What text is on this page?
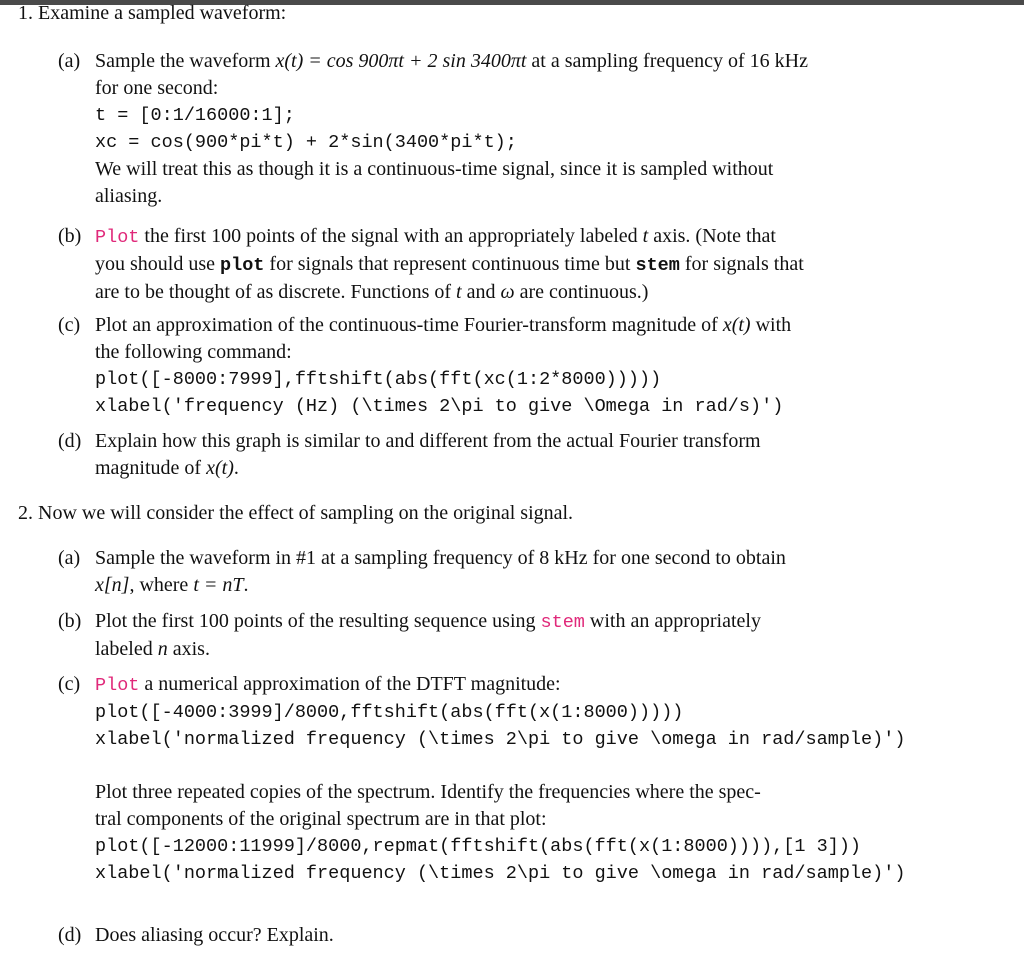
1. Examine a sampled waveform:
(a) Sample the waveform x(t) = cos 900πt + 2 sin 3400πt at a sampling frequency of 16 kHz
for one second:
t = [0:1/16000:1];
xc = cos(900*pi*t) + 2*sin(3400*pi*t);
We will treat this as though it is a continuous-time signal, since it is sampled without
aliasing.
(b) Plot the first 100 points of the signal with an appropriately labeled t axis. (Note that
you should use plot for signals that represent continuous time but stem for signals that
are to be thought of as discrete. Functions of t and ω are continuous.)
(c) Plot an approximation of the continuous-time Fourier-transform magnitude of x(t) with
the following command:
plot([-8000:7999],fftshift(abs(fft(xc(1:2*8000)))))
xlabel('frequency (Hz) (\times 2\pi to give \Omega in rad/s)')
(d) Explain how this graph is similar to and different from the actual Fourier transform
magnitude of x(t).
2. Now we will consider the effect of sampling on the original signal.
(a) Sample the waveform in #1 at a sampling frequency of 8 kHz for one second to obtain
x[n], where t = nT.
(b) Plot the first 100 points of the resulting sequence using stem with an appropriately
labeled n axis.
(c) Plot a numerical approximation of the DTFT magnitude:
plot([-4000:3999]/8000,fftshift(abs(fft(x(1:8000)))))
xlabel('normalized frequency (\times 2\pi to give \omega in rad/sample)')
Plot three repeated copies of the spectrum. Identify the frequencies where the spec-
tral components of the original spectrum are in that plot:
plot([-12000:11999]/8000,repmat(fftshift(abs(fft(x(1:8000)))),[1 3]))
xlabel('normalized frequency (\times 2\pi to give \omega in rad/sample)')
(d) Does aliasing occur? Explain.
